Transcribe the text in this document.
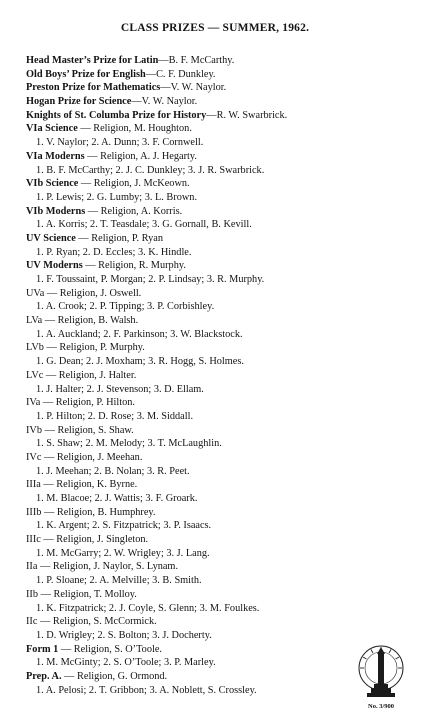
CLASS PRIZES — SUMMER, 1962.
Head Master’s Prize for Latin—B. F. McCarthy.
Old Boys’ Prize for English—C. F. Dunkley.
Preston Prize for Mathematics—V. W. Naylor.
Hogan Prize for Science—V. W. Naylor.
Knights of St. Columba Prize for History—R. W. Swarbrick.
VIa Science — Religion, M. Houghton.
1. V. Naylor; 2. A. Dunn; 3. F. Cornwell.
VIa Moderns — Religion, A. J. Hegarty.
1. B. F. McCarthy; 2. J. C. Dunkley; 3. J. R. Swarbrick.
VIb Science — Religion, J. McKeown.
1. P. Lewis; 2. G. Lumby; 3. L. Brown.
VIb Moderns — Religion, A. Korris.
1. A. Korris; 2. T. Teasdale; 3. G. Gornall, B. Kevill.
UV Science — Religion, P. Ryan
1. P. Ryan; 2. D. Eccles; 3. K. Hindle.
UV Moderns — Religion, R. Murphy.
1. F. Toussaint, P. Morgan; 2. P. Lindsay; 3. R. Murphy.
UVa — Religion, J. Oswell.
1. A. Crook; 2. P. Tipping; 3. P. Corbishley.
LVa — Religion, B. Walsh.
1. A. Auckland; 2. F. Parkinson; 3. W. Blackstock.
LVb — Religion, P. Murphy.
1. G. Dean; 2. J. Moxham; 3. R. Hogg, S. Holmes.
LVc — Religion, J. Halter.
1. J. Halter; 2. J. Stevenson; 3. D. Ellam.
IVa — Religion, P. Hilton.
1. P. Hilton; 2. D. Rose; 3. M. Siddall.
IVb — Religion, S. Shaw.
1. S. Shaw; 2. M. Melody; 3. T. McLaughlin.
IVc — Religion, J. Meehan.
1. J. Meehan; 2. B. Nolan; 3. R. Peet.
IIIa — Religion, K. Byrne.
1. M. Blacoe; 2. J. Wattis; 3. F. Groark.
IIIb — Religion, B. Humphrey.
1. K. Argent; 2. S. Fitzpatrick; 3. P. Isaacs.
IIIc — Religion, J. Singleton.
1. M. McGarry; 2. W. Wrigley; 3. J. Lang.
IIa — Religion, J. Naylor, S. Lynam.
1. P. Sloane; 2. A. Melville; 3. B. Smith.
IIb — Religion, T. Molloy.
1. K. Fitzpatrick; 2. J. Coyle, S. Glenn; 3. M. Foulkes.
IIc — Religion, S. McCormick.
1. D. Wrigley; 2. S. Bolton; 3. J. Docherty.
Form 1 — Religion, S. O’Toole.
1. M. McGinty; 2. S. O’Toole; 3. P. Marley.
Prep. A. — Religion, G. Ormond.
1. A. Pelosi; 2. T. Gribbon; 3. A. Noblett, S. Crossley.
No. 3/900
